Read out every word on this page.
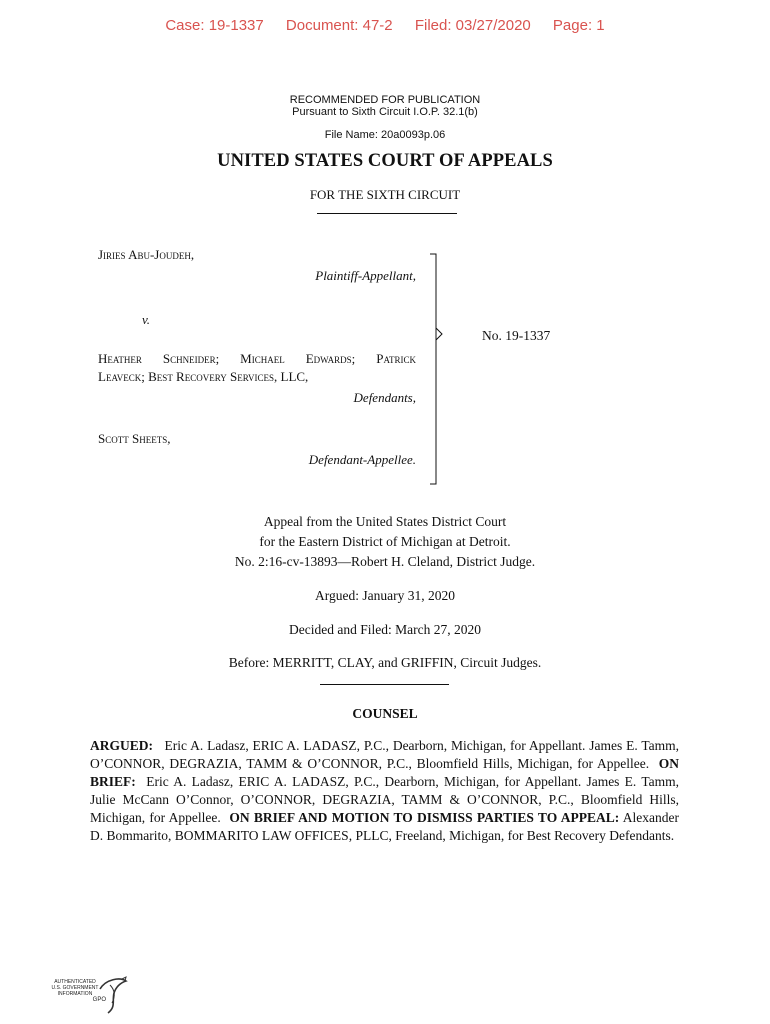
Case: 19-1337 Document: 47-2 Filed: 03/27/2020 Page: 1
RECOMMENDED FOR PUBLICATION
Pursuant to Sixth Circuit I.O.P. 32.1(b)
File Name: 20a0093p.06
UNITED STATES COURT OF APPEALS
FOR THE SIXTH CIRCUIT
Jiries Abu-Joudeh,
Plaintiff-Appellant,
v.
Heather Schneider; Michael Edwards; Patrick
Leaveck; Best Recovery Services, LLC,
Defendants,
Scott Sheets,
Defendant-Appellee.
No. 19-1337
Appeal from the United States District Court
for the Eastern District of Michigan at Detroit.
No. 2:16-cv-13893—Robert H. Cleland, District Judge.
Argued: January 31, 2020
Decided and Filed: March 27, 2020
Before: MERRITT, CLAY, and GRIFFIN, Circuit Judges.
COUNSEL
ARGUED: Eric A. Ladasz, ERIC A. LADASZ, P.C., Dearborn, Michigan, for Appellant. James E. Tamm, O’CONNOR, DEGRAZIA, TAMM & O’CONNOR, P.C., Bloomfield Hills, Michigan, for Appellee. ON BRIEF: Eric A. Ladasz, ERIC A. LADASZ, P.C., Dearborn, Michigan, for Appellant. James E. Tamm, Julie McCann O’Connor, O’CONNOR, DEGRAZIA, TAMM & O’CONNOR, P.C., Bloomfield Hills, Michigan, for Appellee. ON BRIEF AND MOTION TO DISMISS PARTIES TO APPEAL: Alexander D. Bommarito, BOMMARITO LAW OFFICES, PLLC, Freeland, Michigan, for Best Recovery Defendants.
AUTHENTICATED
U.S. GOVERNMENT
INFORMATION
GPO
